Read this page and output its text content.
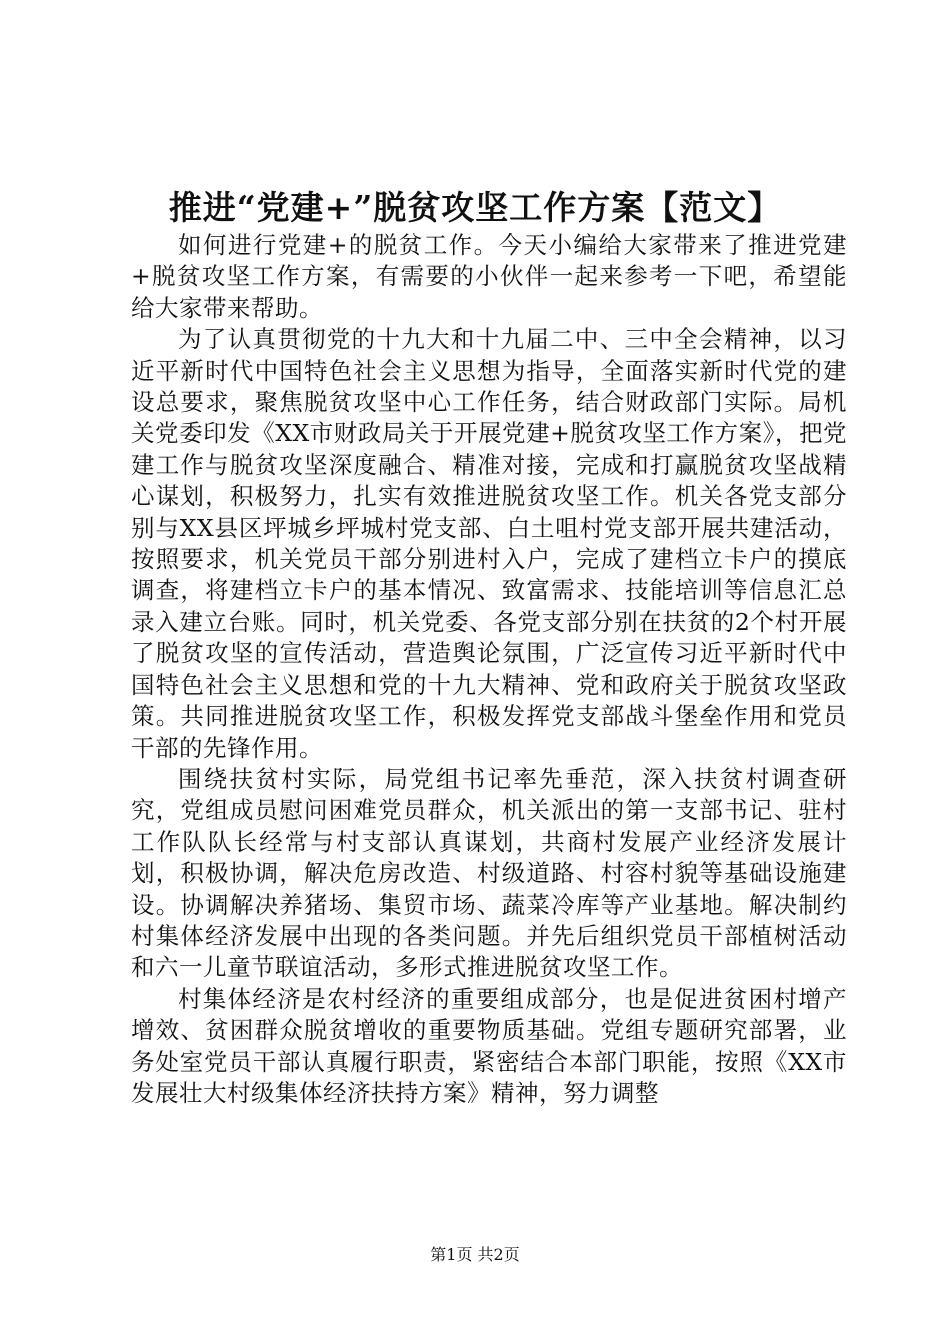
推进“党建+”脱贫攻坚工作方案【范文】

如何进行党建+的脱贫工作。今天小编给大家带来了推进党建+脱贫攻坚工作方案，有需要的小伙伴一起来参考一下吧，希望能给大家带来帮助。

为了认真贯彻党的十九大和十九届二中、三中全会精神，以习近平新时代中国特色社会主义思想为指导，全面落实新时代党的建设总要求，聚焦脱贫攻坚中心工作任务，结合财政部门实际。局机关党委印发《XX市财政局关于开展党建+脱贫攻坚工作方案》，把党建工作与脱贫攻坚深度融合、精准对接，完成和打赢脱贫攻坚战精心谋划，积极努力，扎实有效推进脱贫攻坚工作。机关各党支部分别与XX县区坪城乡坪城村党支部、白土咀村党支部开展共建活动，按照要求，机关党员干部分别进村入户，完成了建档立卡户的摸底调查，将建档立卡户的基本情况、致富需求、技能培训等信息汇总录入建立台账。同时，机关党委、各党支部分别在扶贫的2个村开展了脱贫攻坚的宣传活动，营造舆论氛围，广泛宣传习近平新时代中国特色社会主义思想和党的十九大精神、党和政府关于脱贫攻坚政策。共同推进脱贫攻坚工作，积极发挥党支部战斗堡垒作用和党员干部的先锋作用。

围绕扶贫村实际，局党组书记率先垂范，深入扶贫村调查研究，党组成员慰问困难党员群众，机关派出的第一支部书记、驻村工作队队长经常与村支部认真谋划，共商村发展产业经济发展计划，积极协调，解决危房改造、村级道路、村容村貌等基础设施建设。协调解决养猪场、集贸市场、蔬菜冷库等产业基地。解决制约村集体经济发展中出现的各类问题。并先后组织党员干部植树活动和六一儿童节联谊活动，多形式推进脱贫攻坚工作。

村集体经济是农村经济的重要组成部分，也是促进贫困村增产增效、贫困群众脱贫增收的重要物质基础。党组专题研究部署，业务处室党员干部认真履行职责，紧密结合本部门职能，按照《XX市发展壮大村级集体经济扶持方案》精神，努力调整

第1页 共2页
